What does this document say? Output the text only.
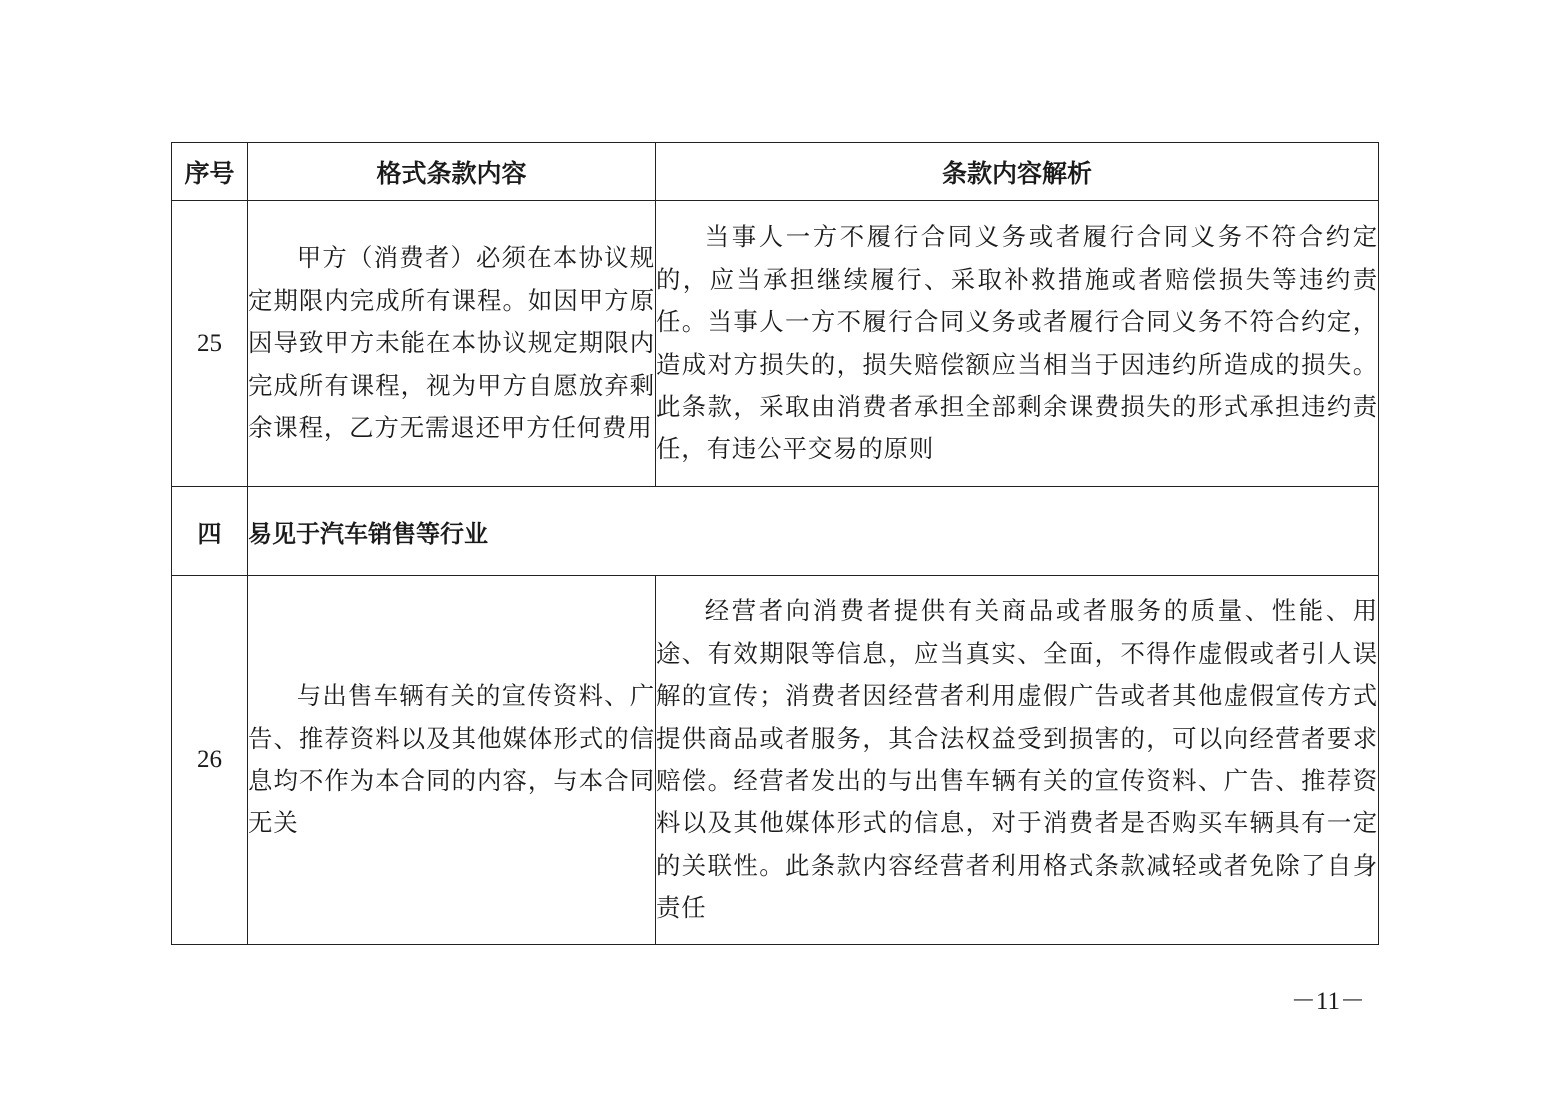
序号	格式条款内容	条款内容解析
25	甲方（消费者）必须在本协议规定期限内完成所有课程。如因甲方原因导致甲方未能在本协议规定期限内完成所有课程，视为甲方自愿放弃剩余课程，乙方无需退还甲方任何费用	当事人一方不履行合同义务或者履行合同义务不符合约定的，应当承担继续履行、采取补救措施或者赔偿损失等违约责任。当事人一方不履行合同义务或者履行合同义务不符合约定，造成对方损失的，损失赔偿额应当相当于因违约所造成的损失。此条款，采取由消费者承担全部剩余课费损失的形式承担违约责任，有违公平交易的原则

四	易见于汽车销售等行业	
26	与出售车辆有关的宣传资料、广告、推荐资料以及其他媒体形式的信息均不作为本合同的内容，与本合同无关	经营者向消费者提供有关商品或者服务的质量、性能、用途、有效期限等信息，应当真实、全面，不得作虚假或者引人误解的宣传；消费者因经营者利用虚假广告或者其他虚假宣传方式提供商品或者服务，其合法权益受到损害的，可以向经营者要求赔偿。经营者发出的与出售车辆有关的宣传资料、广告、推荐资料以及其他媒体形式的信息，对于消费者是否购买车辆具有一定的关联性。此条款内容经营者利用格式条款减轻或者免除了自身责任

－11－
